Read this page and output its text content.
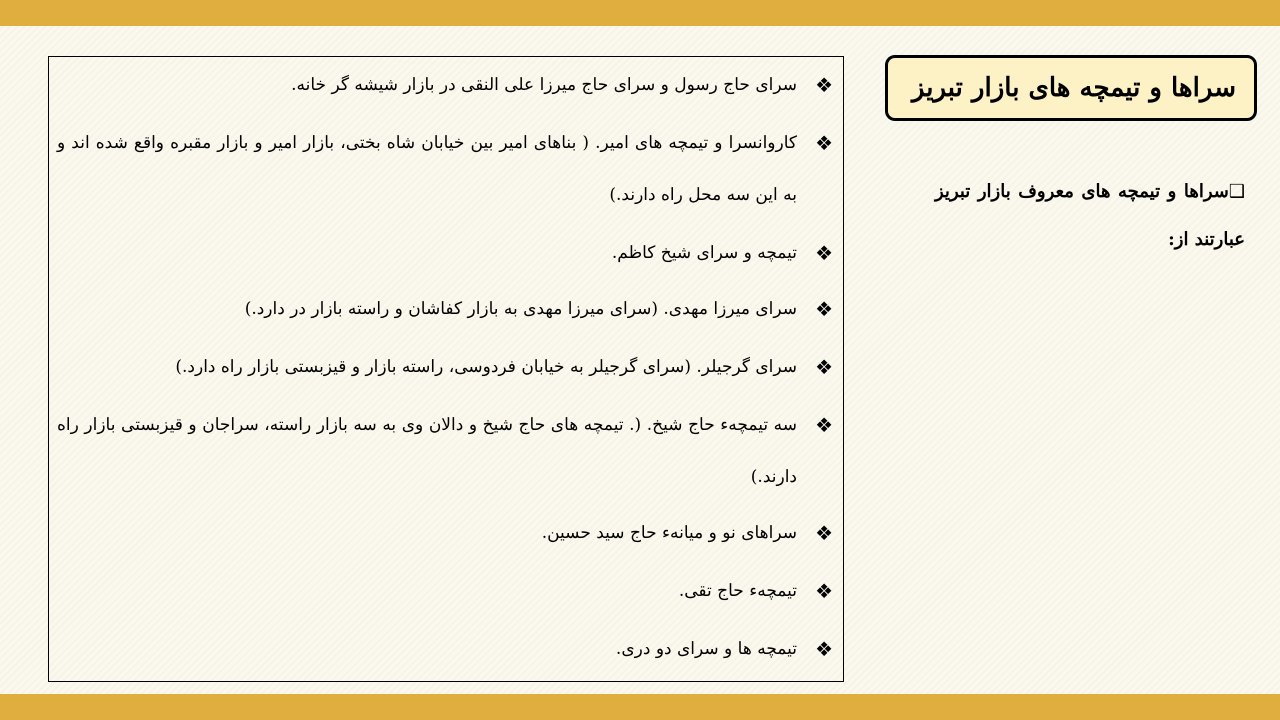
سراها و تیمچه های بازار تبریز
❑سراها و تیمچه های معروف بازار تبریز عبارتند از:
❖
سرای حاج رسول و سرای حاج میرزا علی النقی در بازار شیشه گر خانه.
❖
کاروانسرا و تیمچه های امیر. ( بناهای امیر بین خیابان شاه بختی، بازار امیر و بازار مقبره واقع شده اند و به این سه محل راه دارند.)
❖
تیمچه و سرای شیخ کاظم.
❖
سرای میرزا مهدی. (سرای میرزا مهدی به بازار کفاشان و راسته بازار در دارد.)
❖
سرای گرجیلر. (سرای گرجیلر به خیابان فردوسی، راسته بازار و قیزبستی بازار راه دارد.)
❖
سه تیمچهء حاج شیخ. (. تیمچه های حاج شیخ و دالان وی به سه بازار راسته، سراجان و قیزبستی بازار راه دارند.)
❖
سراهای نو و میانهء حاج سید حسین.
❖
تیمچهء حاج تقی.
❖
تیمچه ها و سرای دو دری.
